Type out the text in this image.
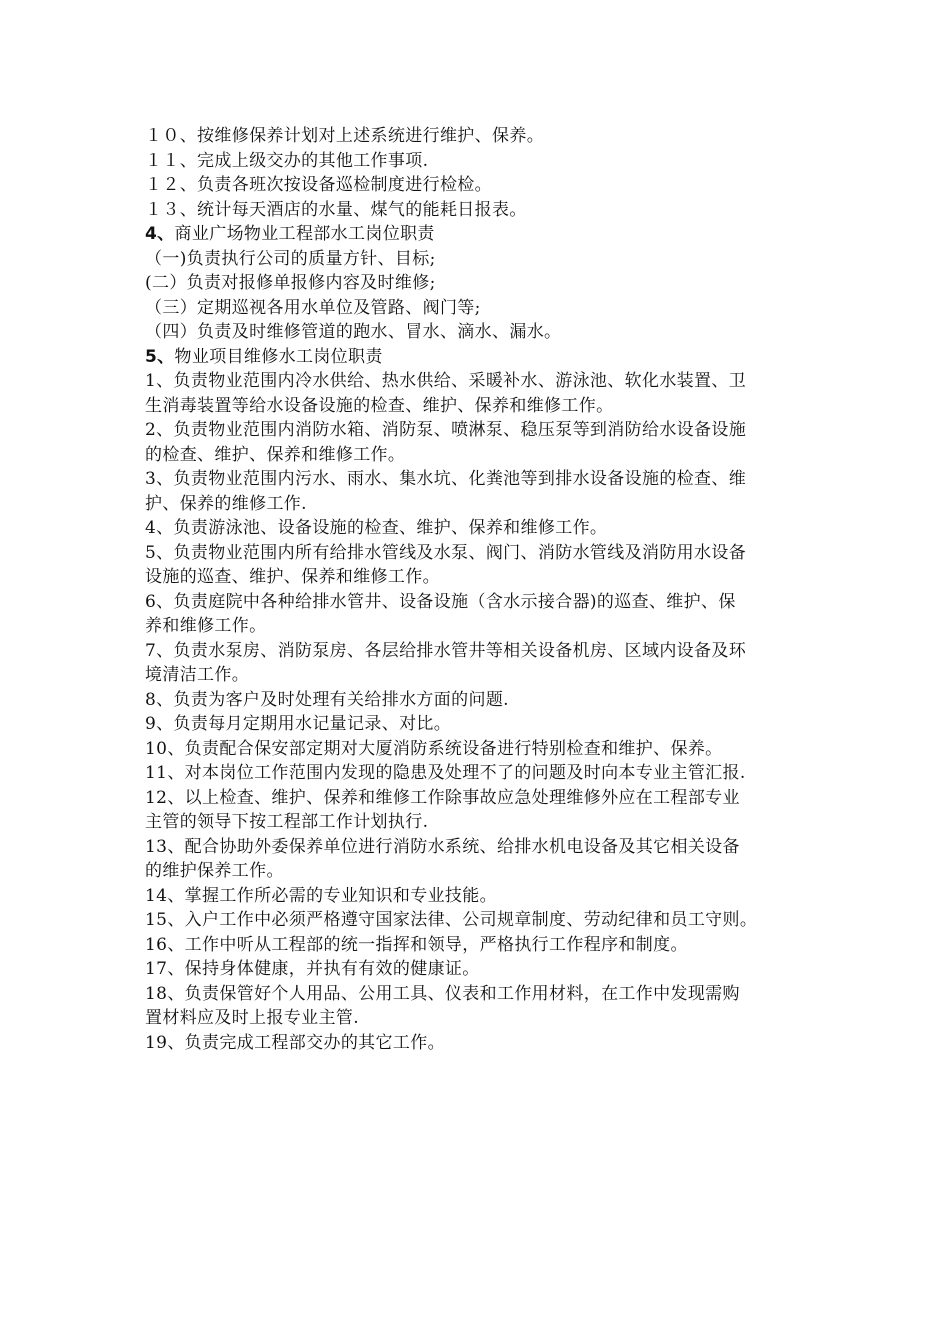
１０、按维修保养计划对上述系统进行维护、保养。

１１、完成上级交办的其他工作事项.

１２、负责各班次按设备巡检制度进行检检。

１３、统计每天酒店的水量、煤气的能耗日报表。

4、商业广场物业工程部水工岗位职责

（一)负责执行公司的质量方针、目标;

(二）负责对报修单报修内容及时维修;

（三）定期巡视各用水单位及管路、阀门等;

（四）负责及时维修管道的跑水、冒水、滴水、漏水。

5、物业项目维修水工岗位职责

1、负责物业范围内冷水供给、热水供给、采暖补水、游泳池、软化水装置、卫
生消毒装置等给水设备设施的检查、维护、保养和维修工作。
2、负责物业范围内消防水箱、消防泵、喷淋泵、稳压泵等到消防给水设备设施
的检查、维护、保养和维修工作。
3、负责物业范围内污水、雨水、集水坑、化粪池等到排水设备设施的检查、维
护、保养的维修工作.
4、负责游泳池、设备设施的检查、维护、保养和维修工作。
5、负责物业范围内所有给排水管线及水泵、阀门、消防水管线及消防用水设备
设施的巡查、维护、保养和维修工作。
6、负责庭院中各种给排水管井、设备设施（含水示接合器)的巡查、维护、保
养和维修工作。
7、负责水泵房、消防泵房、各层给排水管井等相关设备机房、区域内设备及环
境清洁工作。
8、负责为客户及时处理有关给排水方面的问题.
9、负责每月定期用水记量记录、对比。
10、负责配合保安部定期对大厦消防系统设备进行特别检查和维护、保养。
11、对本岗位工作范围内发现的隐患及处理不了的问题及时向本专业主管汇报.
12、以上检查、维护、保养和维修工作除事故应急处理维修外应在工程部专业
主管的领导下按工程部工作计划执行.
13、配合协助外委保养单位进行消防水系统、给排水机电设备及其它相关设备
的维护保养工作。
14、掌握工作所必需的专业知识和专业技能。
15、入户工作中必须严格遵守国家法律、公司规章制度、劳动纪律和员工守则。
16、工作中听从工程部的统一指挥和领导，严格执行工作程序和制度。
17、保持身体健康，并执有有效的健康证。
18、负责保管好个人用品、公用工具、仪表和工作用材料，在工作中发现需购
置材料应及时上报专业主管.
19、负责完成工程部交办的其它工作。
